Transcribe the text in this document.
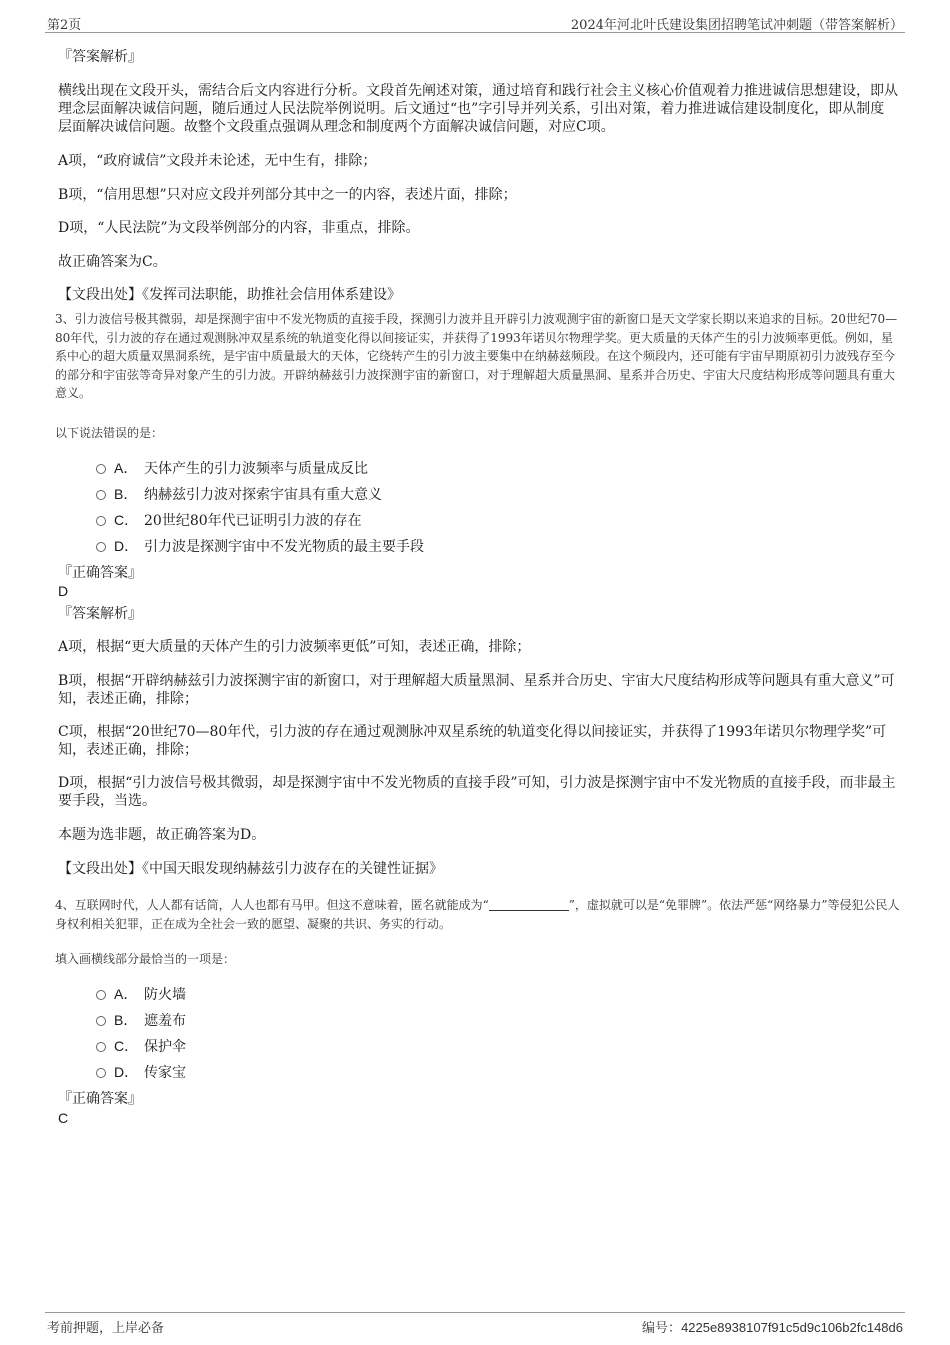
第2页	2024年河北叶氏建设集团招聘笔试冲刺题（带答案解析）

『答案解析』

横线出现在文段开头，需结合后文内容进行分析。文段首先阐述对策，通过培育和践行社会主义核心价值观着力推进诚信思想建设，即从理念层面解决诚信问题，随后通过人民法院举例说明。后文通过“也”字引导并列关系，引出对策，着力推进诚信建设制度化，即从制度层面解决诚信问题。故整个文段重点强调从理念和制度两个方面解决诚信问题，对应C项。

A项，“政府诚信”文段并未论述，无中生有，排除；

B项，“信用思想”只对应文段并列部分其中之一的内容，表述片面，排除；

D项，“人民法院”为文段举例部分的内容，非重点，排除。

故正确答案为C。

【文段出处】《发挥司法职能，助推社会信用体系建设》

3、引力波信号极其微弱，却是探测宇宙中不发光物质的直接手段，探测引力波并且开辟引力波观测宇宙的新窗口是天文学家长期以来追求的目标。20世纪70—80年代，引力波的存在通过观测脉冲双星系统的轨道变化得以间接证实，并获得了1993年诺贝尔物理学奖。更大质量的天体产生的引力波频率更低。例如，星系中心的超大质量双黑洞系统，是宇宙中质量最大的天体，它绕转产生的引力波主要集中在纳赫兹频段。在这个频段内，还可能有宇宙早期原初引力波残存至今的部分和宇宙弦等奇异对象产生的引力波。开辟纳赫兹引力波探测宇宙的新窗口，对于理解超大质量黑洞、星系并合历史、宇宙大尺度结构形成等问题具有重大意义。

以下说法错误的是：

A． 天体产生的引力波频率与质量成反比
B． 纳赫兹引力波对探索宇宙具有重大意义
C． 20世纪80年代已证明引力波的存在
D． 引力波是探测宇宙中不发光物质的最主要手段

『正确答案』

D

『答案解析』

A项，根据“更大质量的天体产生的引力波频率更低”可知，表述正确，排除；

B项，根据“开辟纳赫兹引力波探测宇宙的新窗口，对于理解超大质量黑洞、星系并合历史、宇宙大尺度结构形成等问题具有重大意义”可知，表述正确，排除；

C项，根据“20世纪70—80年代，引力波的存在通过观测脉冲双星系统的轨道变化得以间接证实，并获得了1993年诺贝尔物理学奖”可知，表述正确，排除；

D项，根据“引力波信号极其微弱，却是探测宇宙中不发光物质的直接手段”可知，引力波是探测宇宙中不发光物质的直接手段，而非最主要手段，当选。

本题为选非题，故正确答案为D。

【文段出处】《中国天眼发现纳赫兹引力波存在的关键性证据》

4、互联网时代，人人都有话筒，人人也都有马甲。但这不意味着，匿名就能成为“	”，虚拟就可以是“免罪牌”。依法严惩“网络暴力”等侵犯公民人身权利相关犯罪，正在成为全社会一致的愿望、凝聚的共识、务实的行动。

填入画横线部分最恰当的一项是：

A． 防火墙
B． 遮羞布
C． 保护伞
D． 传家宝

『正确答案』

C

考前押题，上岸必备	编号：4225e8938107f91c5d9c106b2fc148d6
